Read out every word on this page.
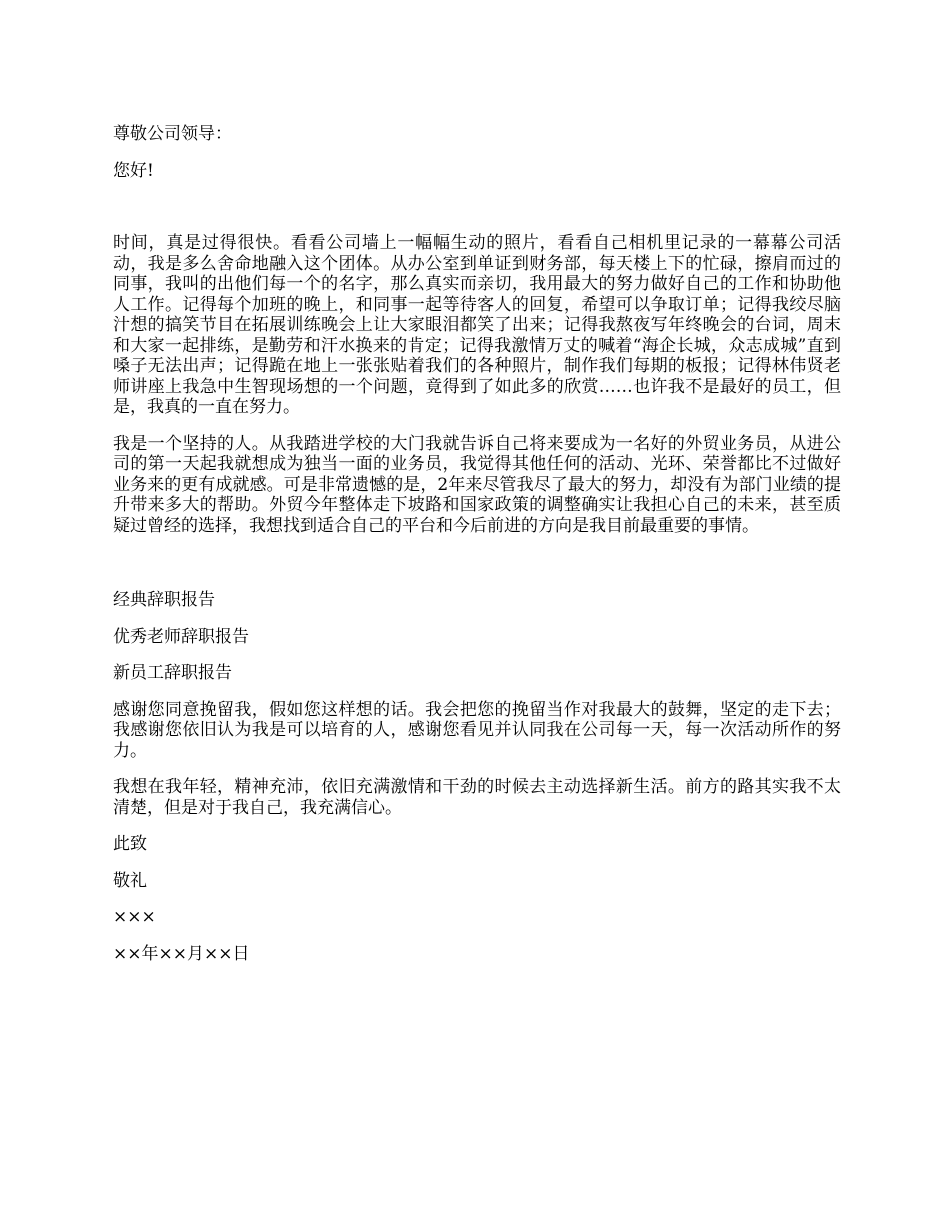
尊敬公司领导：

您好!

时间，真是过得很快。看看公司墙上一幅幅生动的照片，看看自己相机里记录的一幕幕公司活动，我是多么舍命地融入这个团体。从办公室到单证到财务部，每天楼上下的忙碌，擦肩而过的同事，我叫的出他们每一个的名字，那么真实而亲切，我用最大的努力做好自己的工作和协助他人工作。记得每个加班的晚上，和同事一起等待客人的回复，希望可以争取订单；记得我绞尽脑汁想的搞笑节目在拓展训练晚会上让大家眼泪都笑了出来；记得我熬夜写年终晚会的台词，周末和大家一起排练，是勤劳和汗水换来的肯定；记得我激情万丈的喊着“海企长城，众志成城”直到嗓子无法出声；记得跪在地上一张张贴着我们的各种照片，制作我们每期的板报；记得林伟贤老师讲座上我急中生智现场想的一个问题，竟得到了如此多的欣赏……也许我不是最好的员工，但是，我真的一直在努力。

我是一个坚持的人。从我踏进学校的大门我就告诉自己将来要成为一名好的外贸业务员，从进公司的第一天起我就想成为独当一面的业务员，我觉得其他任何的活动、光环、荣誉都比不过做好业务来的更有成就感。可是非常遗憾的是，2年来尽管我尽了最大的努力，却没有为部门业绩的提升带来多大的帮助。外贸今年整体走下坡路和国家政策的调整确实让我担心自己的未来，甚至质疑过曾经的选择，我想找到适合自己的平台和今后前进的方向是我目前最重要的事情。

经典辞职报告

优秀老师辞职报告

新员工辞职报告

感谢您同意挽留我，假如您这样想的话。我会把您的挽留当作对我最大的鼓舞，坚定的走下去；我感谢您依旧认为我是可以培育的人，感谢您看见并认同我在公司每一天，每一次活动所作的努力。

我想在我年轻，精神充沛，依旧充满激情和干劲的时候去主动选择新生活。前方的路其实我不太清楚，但是对于我自己，我充满信心。

此致

敬礼

×××

××年××月××日
